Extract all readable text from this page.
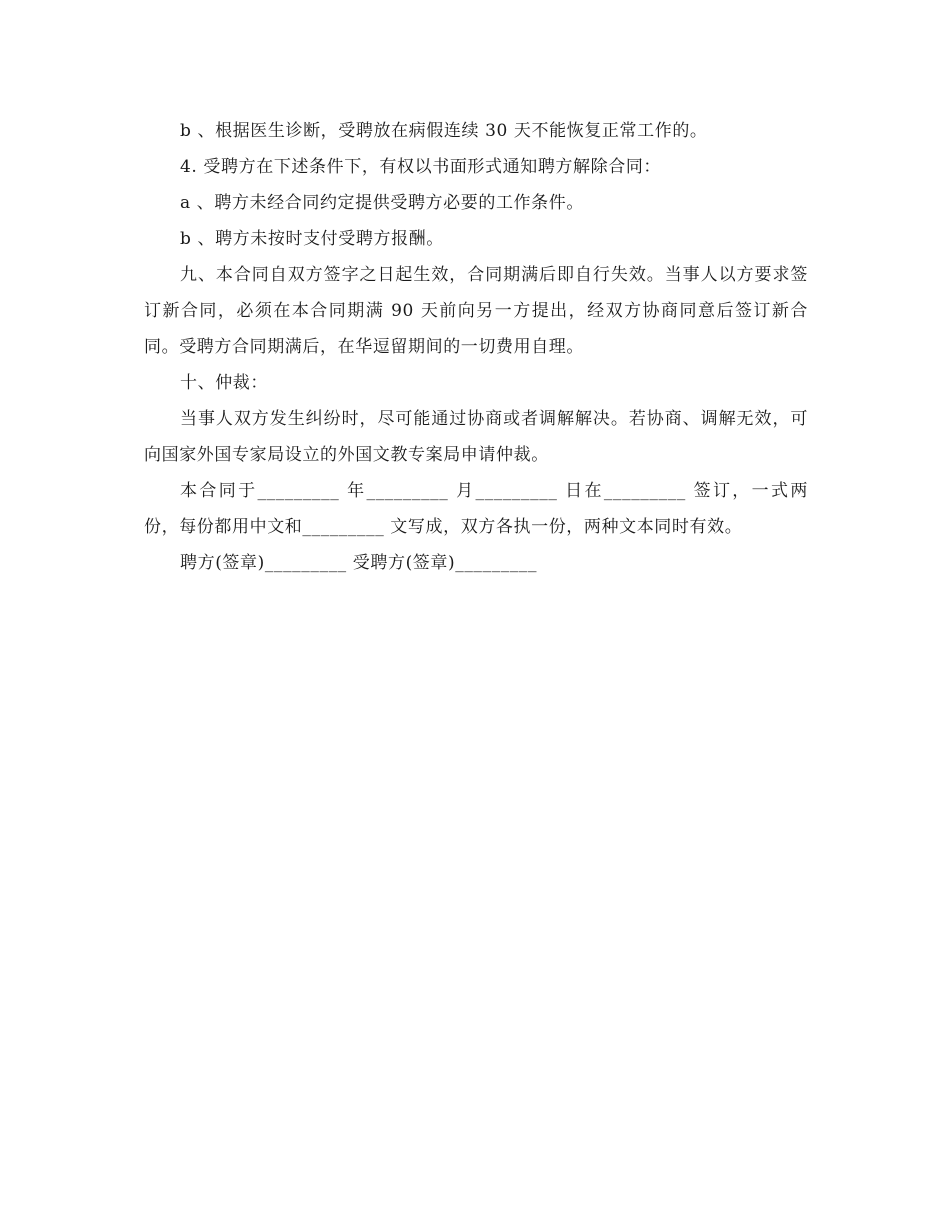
b 、根据医生诊断，受聘放在病假连续 30 天不能恢复正常工作的。

4. 受聘方在下述条件下，有权以书面形式通知聘方解除合同：

a 、聘方未经合同约定提供受聘方必要的工作条件。

b 、聘方未按时支付受聘方报酬。

九、本合同自双方签字之日起生效，合同期满后即自行失效。当事人以方要求签订新合同，必须在本合同期满 90 天前向另一方提出，经双方协商同意后签订新合同。受聘方合同期满后，在华逗留期间的一切费用自理。

十、仲裁：

当事人双方发生纠纷时，尽可能通过协商或者调解解决。若协商、调解无效，可向国家外国专家局设立的外国文教专案局申请仲裁。

本合同于_________ 年_________ 月_________ 日在_________ 签订，一式两份，每份都用中文和_________ 文写成，双方各执一份，两种文本同时有效。

聘方(签章)_________ 受聘方(签章)_________
